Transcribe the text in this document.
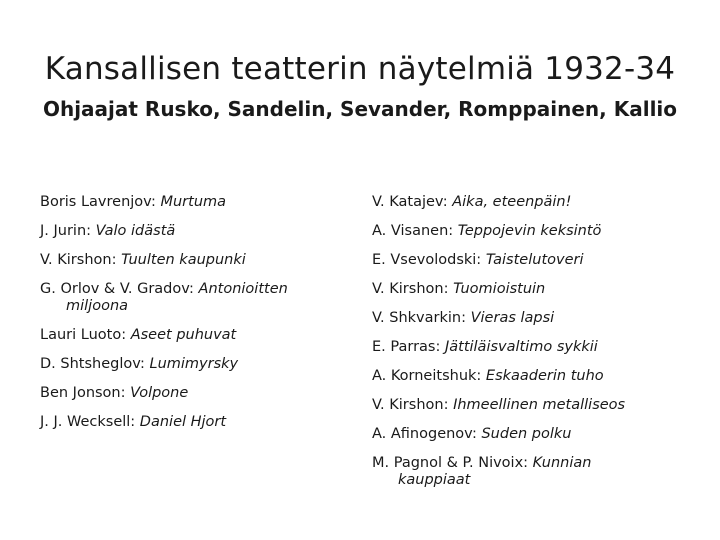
Kansallisen teatterin näytelmiä 1932-34
Ohjaajat Rusko, Sandelin, Sevander, Romppainen, Kallio
Boris Lavrenjov: Murtuma
J. Jurin: Valo idästä
V. Kirshon: Tuulten kaupunki
G. Orlov & V. Gradov: Antonioitten
miljoona
Lauri Luoto: Aseet puhuvat
D. Shtsheglov: Lumimyrsky
Ben Jonson: Volpone
J. J. Wecksell: Daniel Hjort
V. Katajev: Aika, eteenpäin!
A. Visanen: Teppojevin keksintö
E. Vsevolodski: Taistelutoveri
V. Kirshon: Tuomioistuin
V. Shkvarkin: Vieras lapsi
E. Parras: Jättiläisvaltimo sykkii
A. Korneitshuk: Eskaaderin tuho
V. Kirshon: Ihmeellinen metalliseos
A. Afinogenov: Suden polku
M. Pagnol & P. Nivoix: Kunnian
kauppiaat
